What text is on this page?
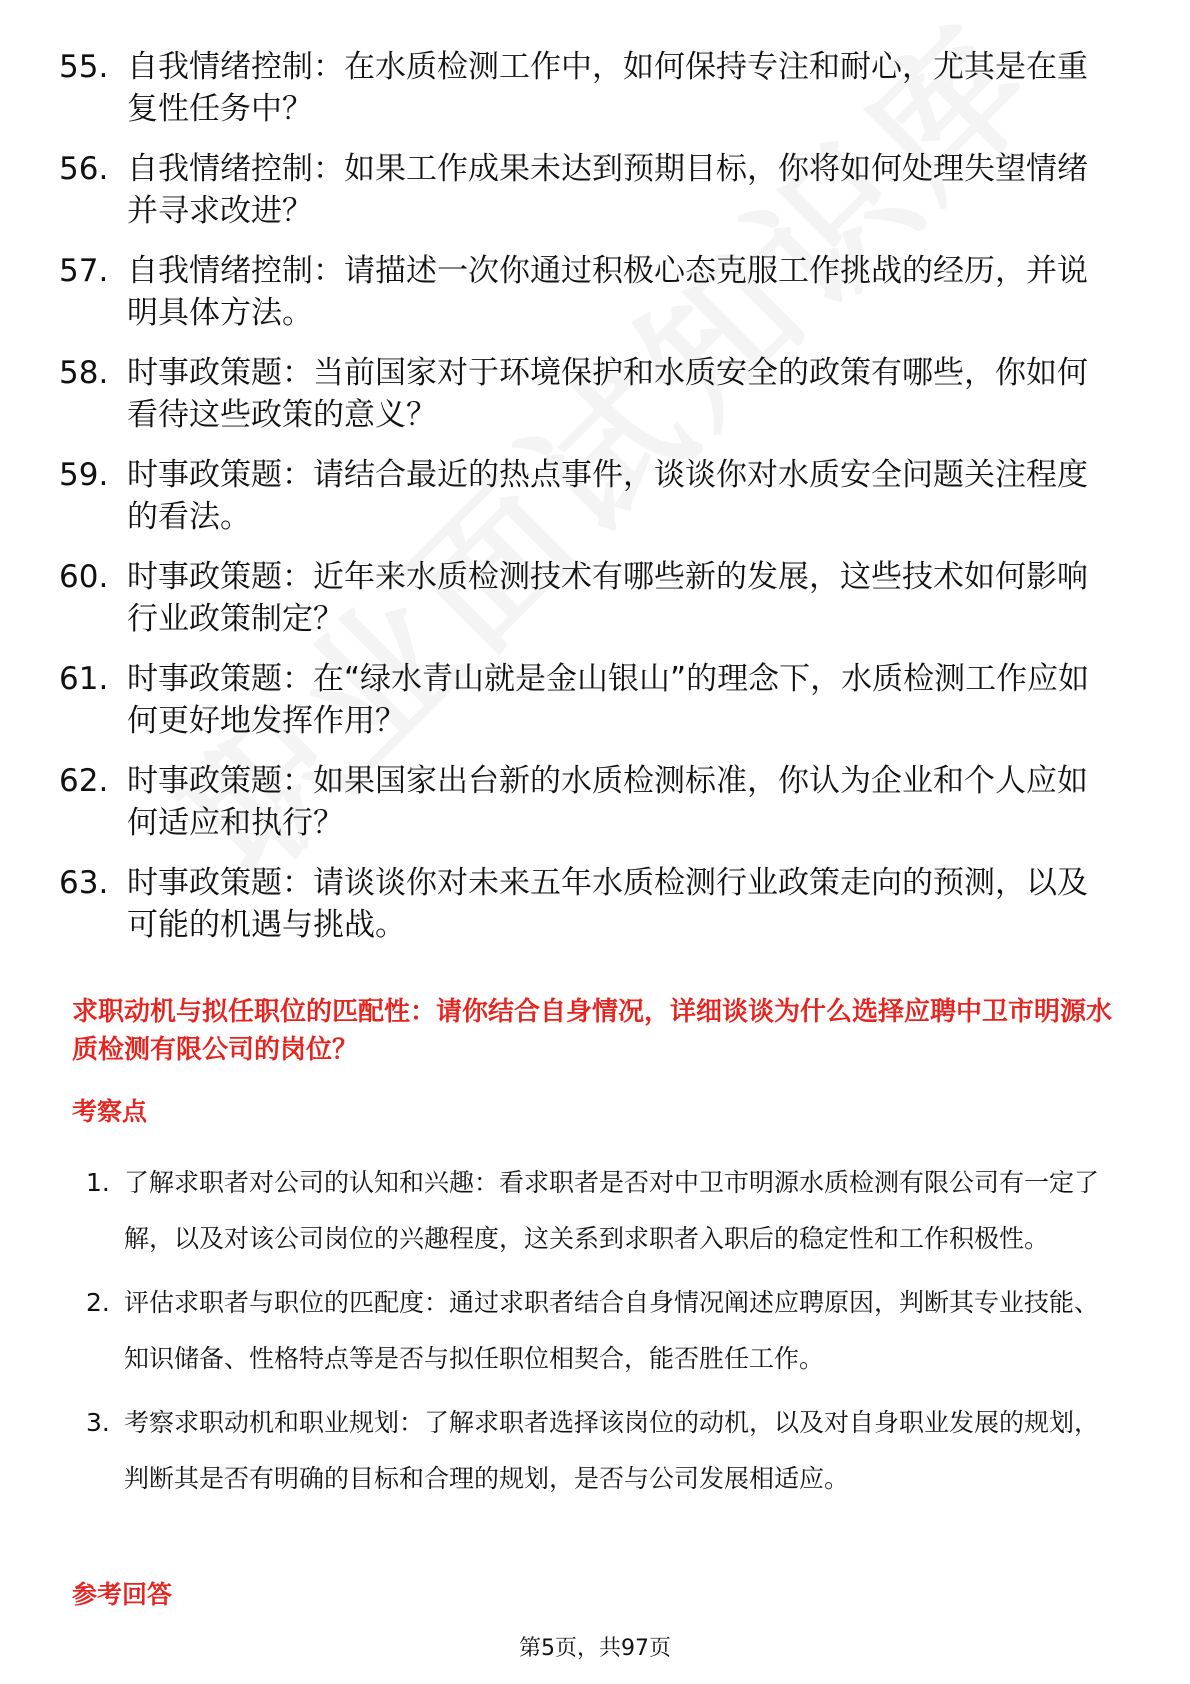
55. 自我情绪控制：在水质检测工作中，如何保持专注和耐心，尤其是在重复性任务中？
56. 自我情绪控制：如果工作成果未达到预期目标，你将如何处理失望情绪并寻求改进？
57. 自我情绪控制：请描述一次你通过积极心态克服工作挑战的经历，并说明具体方法。
58. 时事政策题：当前国家对于环境保护和水质安全的政策有哪些，你如何看待这些政策的意义？
59. 时事政策题：请结合最近的热点事件，谈谈你对水质安全问题关注程度的看法。
60. 时事政策题：近年来水质检测技术有哪些新的发展，这些技术如何影响行业政策制定？
61. 时事政策题：在“绿水青山就是金山银山”的理念下，水质检测工作应如何更好地发挥作用？
62. 时事政策题：如果国家出台新的水质检测标准，你认为企业和个人应如何适应和执行？
63. 时事政策题：请谈谈你对未来五年水质检测行业政策走向的预测，以及可能的机遇与挑战。
求职动机与拟任职位的匹配性：请你结合自身情况，详细谈谈为什么选择应聘中卫市明源水质检测有限公司的岗位？
考察点
1. 了解求职者对公司的认知和兴趣：看求职者是否对中卫市明源水质检测有限公司有一定了解，以及对该公司岗位的兴趣程度，这关系到求职者入职后的稳定性和工作积极性。
2. 评估求职者与职位的匹配度：通过求职者结合自身情况阐述应聘原因，判断其专业技能、知识储备、性格特点等是否与拟任职位相契合，能否胜任工作。
3. 考察求职动机和职业规划：了解求职者选择该岗位的动机，以及对自身职业发展的规划，判断其是否有明确的目标和合理的规划，是否与公司发展相适应。
参考回答
第5页，共97页
